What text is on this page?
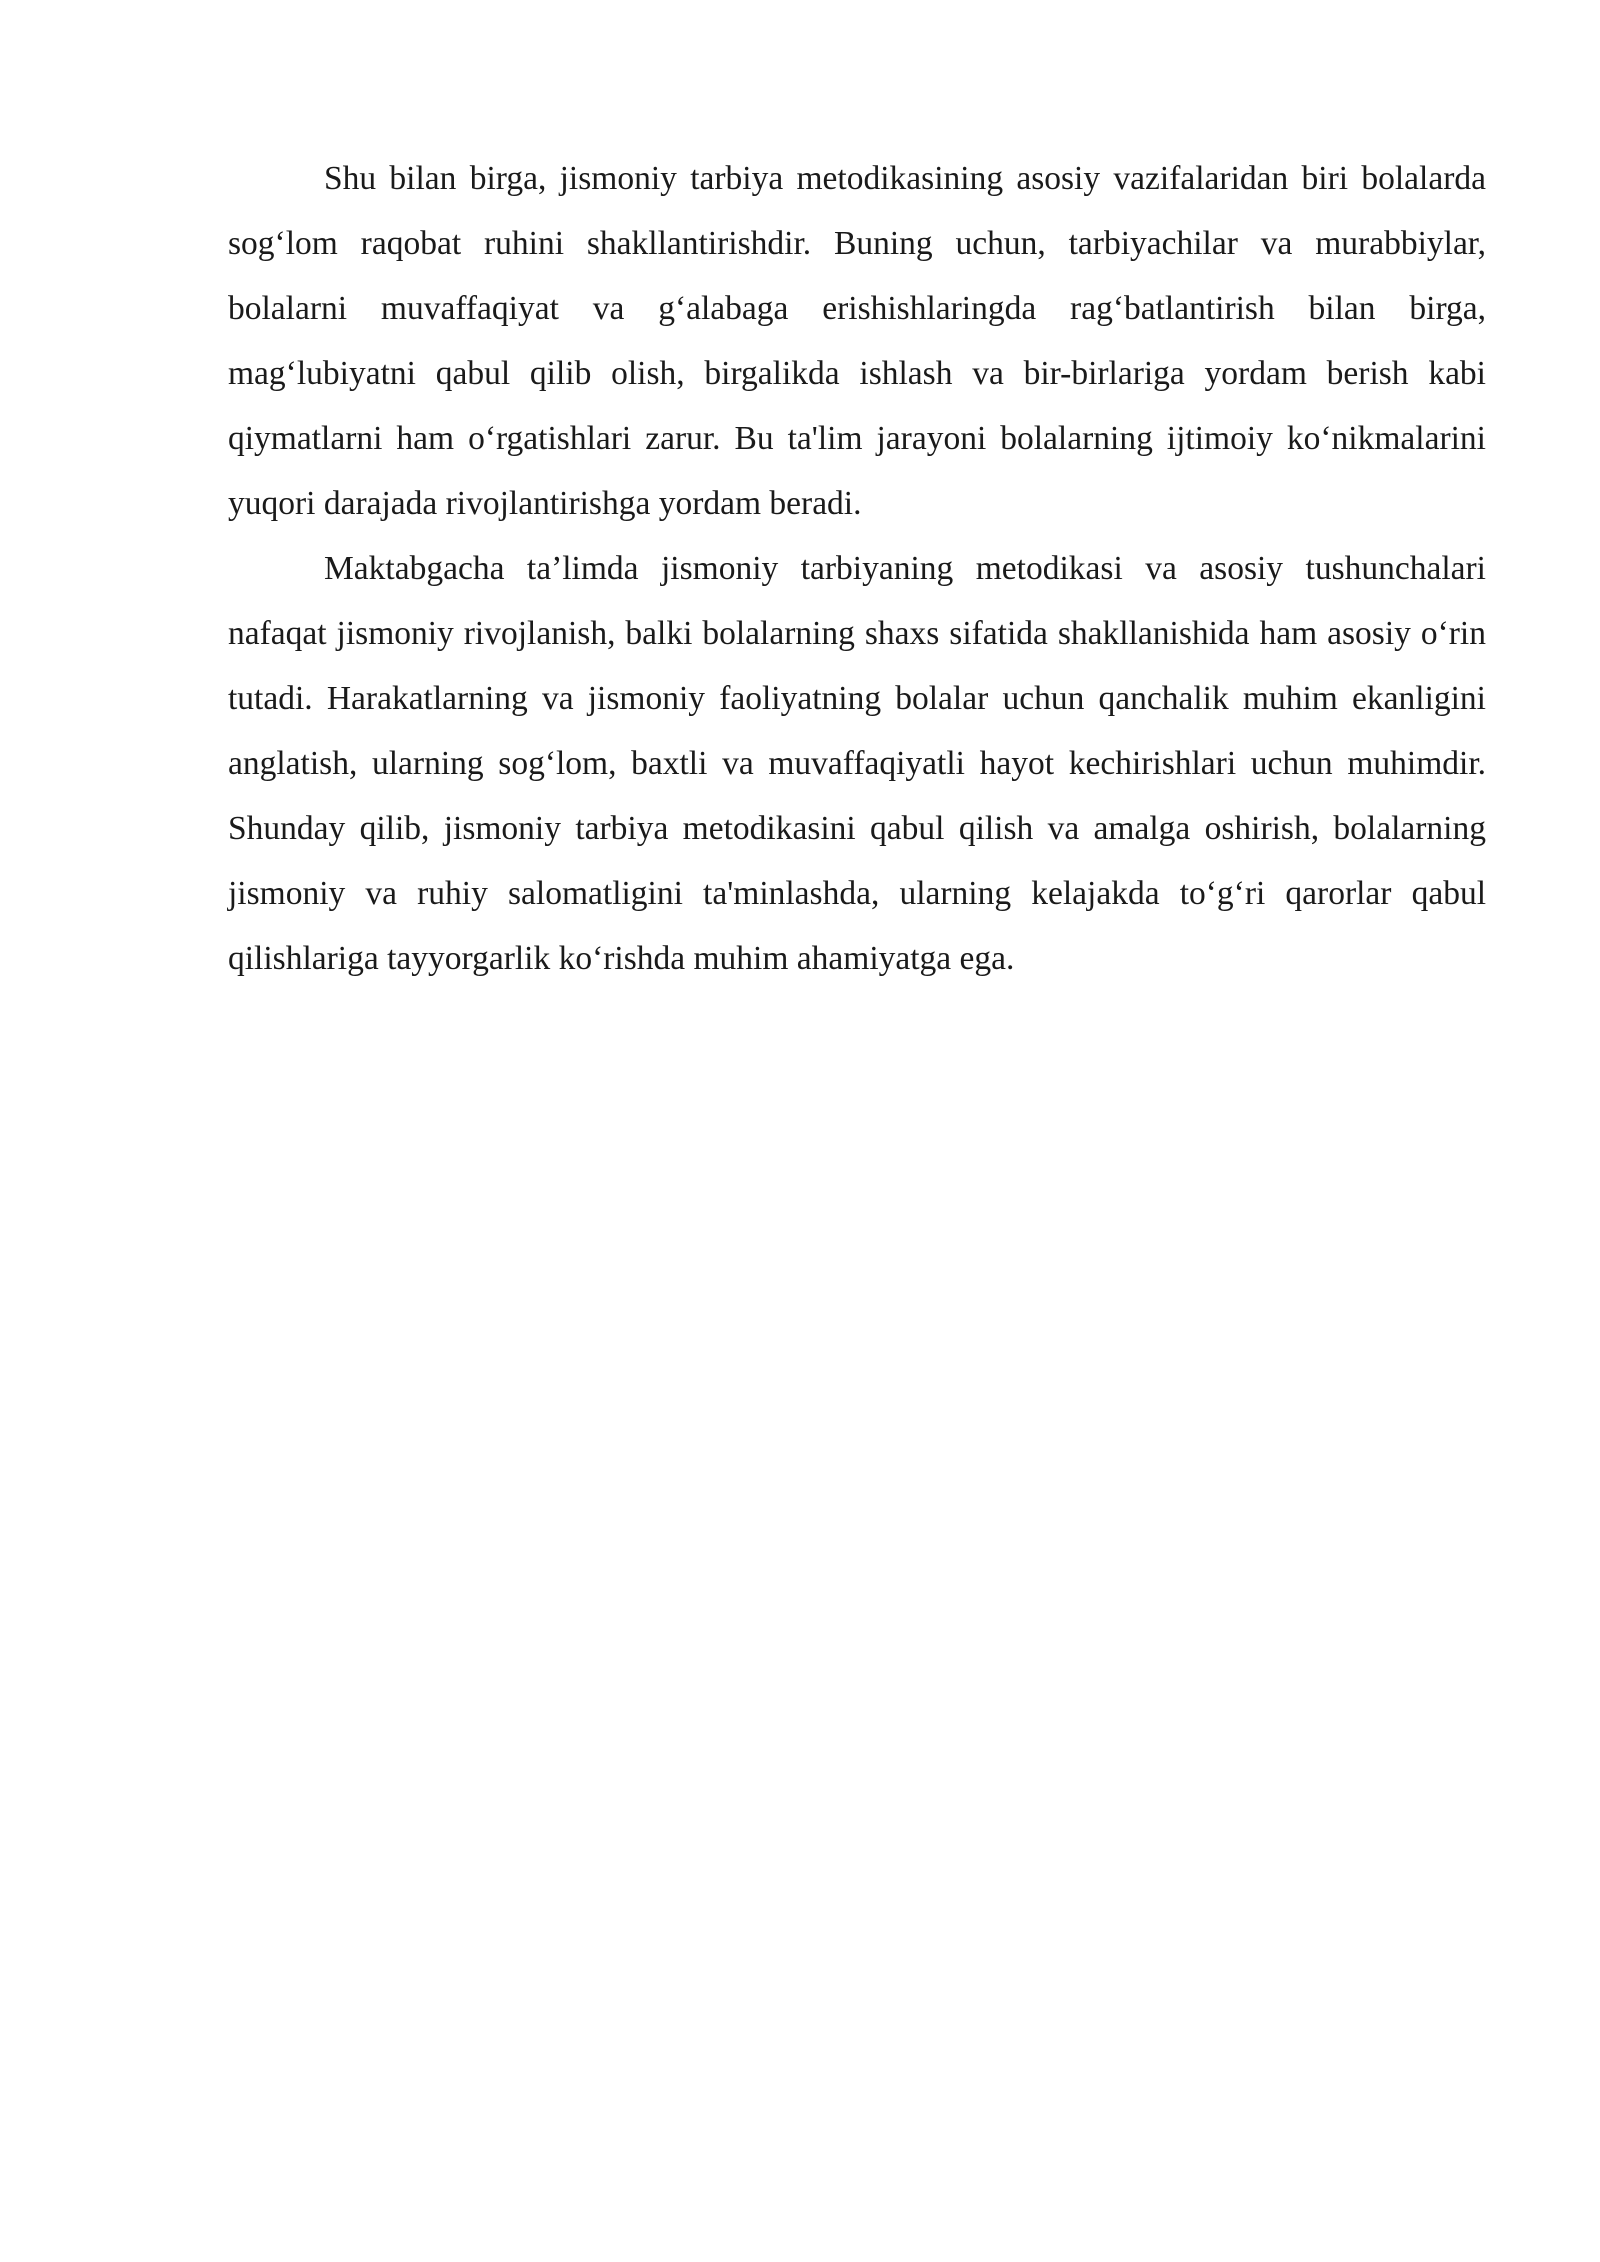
Shu bilan birga, jismoniy tarbiya metodikasining asosiy vazifalaridan biri bolalarda sog‘lom raqobat ruhini shakllantirishdir. Buning uchun, tarbiyachilar va murabbiylar, bolalarni muvaffaqiyat va g‘alabaga erishishlaringda rag‘batlantirish bilan birga, mag‘lubiyatni qabul qilib olish, birgalikda ishlash va bir-birlariga yordam berish kabi qiymatlarni ham o‘rgatishlari zarur. Bu ta'lim jarayoni bolalarning ijtimoiy ko‘nikmalarini yuqori darajada rivojlantirishga yordam beradi.

Maktabgacha ta’limda jismoniy tarbiyaning metodikasi va asosiy tushunchalari nafaqat jismoniy rivojlanish, balki bolalarning shaxs sifatida shakllanishida ham asosiy o‘rin tutadi. Harakatlarning va jismoniy faoliyatning bolalar uchun qanchalik muhim ekanligini anglatish, ularning sog‘lom, baxtli va muvaffaqiyatli hayot kechirishlari uchun muhimdir. Shunday qilib, jismoniy tarbiya metodikasini qabul qilish va amalga oshirish, bolalarning jismoniy va ruhiy salomatligini ta'minlashda, ularning kelajakda to‘g‘ri qarorlar qabul qilishlariga tayyorgarlik ko‘rishda muhim ahamiyatga ega.
